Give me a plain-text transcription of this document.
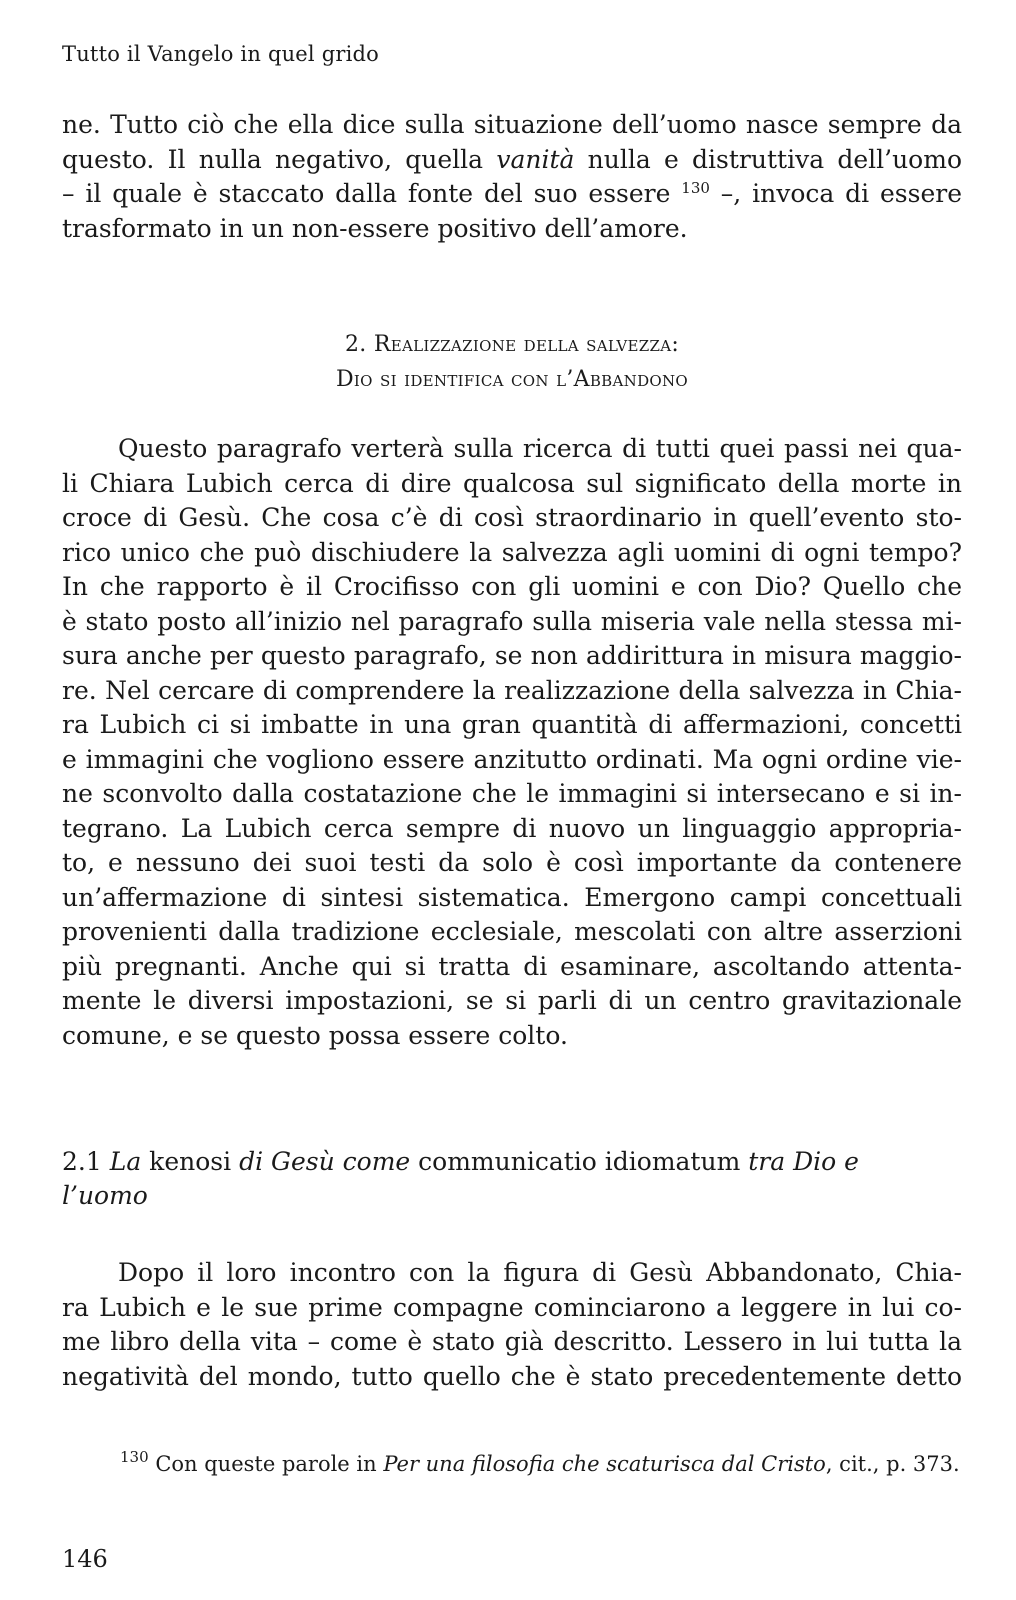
Tutto il Vangelo in quel grido
ne. Tutto ciò che ella dice sulla situazione dell’uomo nasce sempre da
questo. Il nulla negativo, quella vanità nulla e distruttiva dell’uomo
– il quale è staccato dalla fonte del suo essere $^{130}$ –, invoca di essere
trasformato in un non-essere positivo dell’amore.
2. Realizzazione della salvezza:
Dio si identifica con l’Abbandono
Questo paragrafo verterà sulla ricerca di tutti quei passi nei qua-
li Chiara Lubich cerca di dire qualcosa sul significato della morte in
croce di Gesù. Che cosa c’è di così straordinario in quell’evento sto-
rico unico che può dischiudere la salvezza agli uomini di ogni tempo?
In che rapporto è il Crocifisso con gli uomini e con Dio? Quello che
è stato posto all’inizio nel paragrafo sulla miseria vale nella stessa mi-
sura anche per questo paragrafo, se non addirittura in misura maggio-
re. Nel cercare di comprendere la realizzazione della salvezza in Chia-
ra Lubich ci si imbatte in una gran quantità di affermazioni, concetti
e immagini che vogliono essere anzitutto ordinati. Ma ogni ordine vie-
ne sconvolto dalla costatazione che le immagini si intersecano e si in-
tegrano. La Lubich cerca sempre di nuovo un linguaggio appropria-
to, e nessuno dei suoi testi da solo è così importante da contenere
un’affermazione di sintesi sistematica. Emergono campi concettuali
provenienti dalla tradizione ecclesiale, mescolati con altre asserzioni
più pregnanti. Anche qui si tratta di esaminare, ascoltando attenta-
mente le diversi impostazioni, se si parli di un centro gravitazionale
comune, e se questo possa essere colto.
2.1 La kenosi di Gesù come communicatio idiomatum tra Dio e
l’uomo
Dopo il loro incontro con la figura di Gesù Abbandonato, Chia-
ra Lubich e le sue prime compagne cominciarono a leggere in lui co-
me libro della vita – come è stato già descritto. Lessero in lui tutta la
negatività del mondo, tutto quello che è stato precedentemente detto
$^{130}$ Con queste parole in Per una filosofia che scaturisca dal Cristo, cit., p. 373.
146
